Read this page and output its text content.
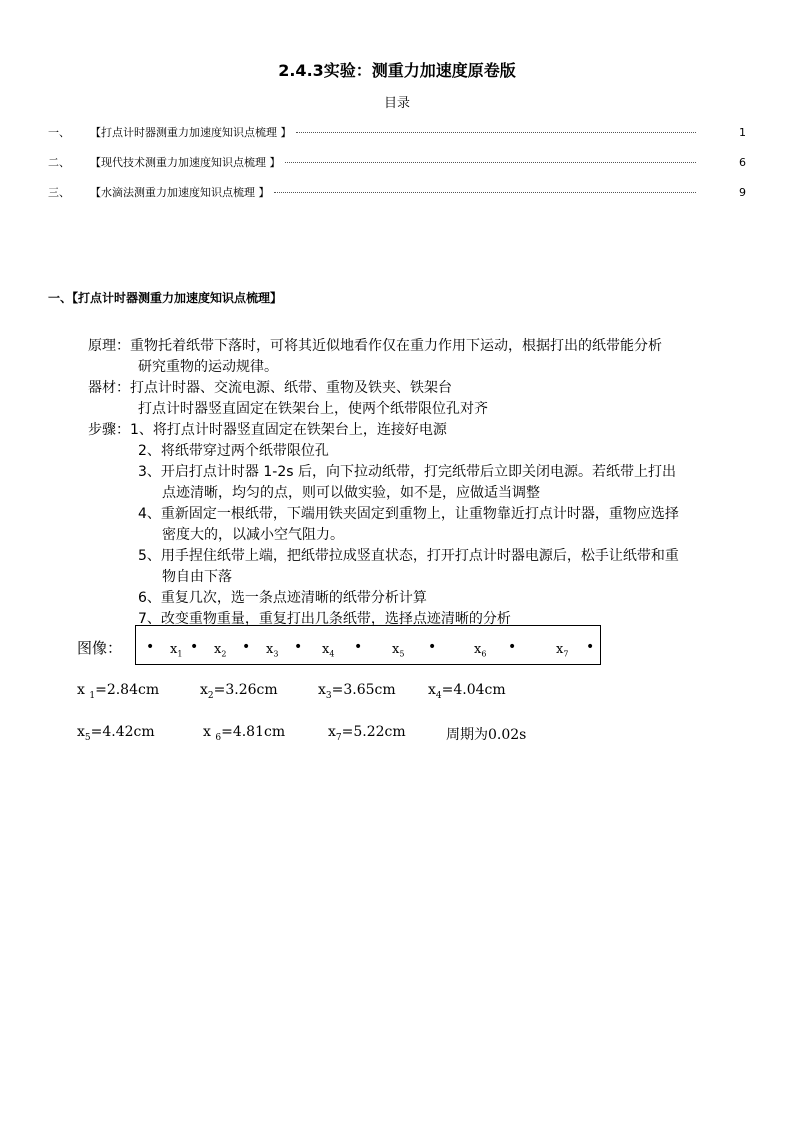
2.4.3实验：测重力加速度原卷版
目录
一、	【打点计时器测重力加速度知识点梳理 】	1
二、	【现代技术测重力加速度知识点梳理 】	6
三、	【水滴法测重力加速度知识点梳理 】	9
一、【打点计时器测重力加速度知识点梳理】
原理：重物托着纸带下落时，可将其近似地看作仅在重力作用下运动，根据打出的纸带能分析
研究重物的运动规律。
器材：打点计时器、交流电源、纸带、重物及铁夹、铁架台
打点计时器竖直固定在铁架台上，使两个纸带限位孔对齐
步骤：1、将打点计时器竖直固定在铁架台上，连接好电源
2、将纸带穿过两个纸带限位孔
3、开启打点计时器 1-2s 后，向下拉动纸带，打完纸带后立即关闭电源。若纸带上打出
点迹清晰，均匀的点，则可以做实验，如不是，应做适当调整
4、重新固定一根纸带，下端用铁夹固定到重物上，让重物靠近打点计时器，重物应选择
密度大的，以减小空气阻力。
5、用手捏住纸带上端，把纸带拉成竖直状态，打开打点计时器电源后，松手让纸带和重
物自由下落
6、重复几次，选一条点迹清晰的纸带分析计算
7、改变重物重量，重复打出几条纸带，选择点迹清晰的分析
图像： • $x_1$ • $x_2$ • $x_3$ • $x_4$ • $x_5$ •	$x_6$ •	$x_7$ •
x $_1$=2.84cm	$x_2=3.26cm$	$x_3=3.65cm$ $x_4=4.04cm$
$x_5=4.42cm$	x $_6$=4.81cm	$x_7=5.22cm$	周期为0.02s
